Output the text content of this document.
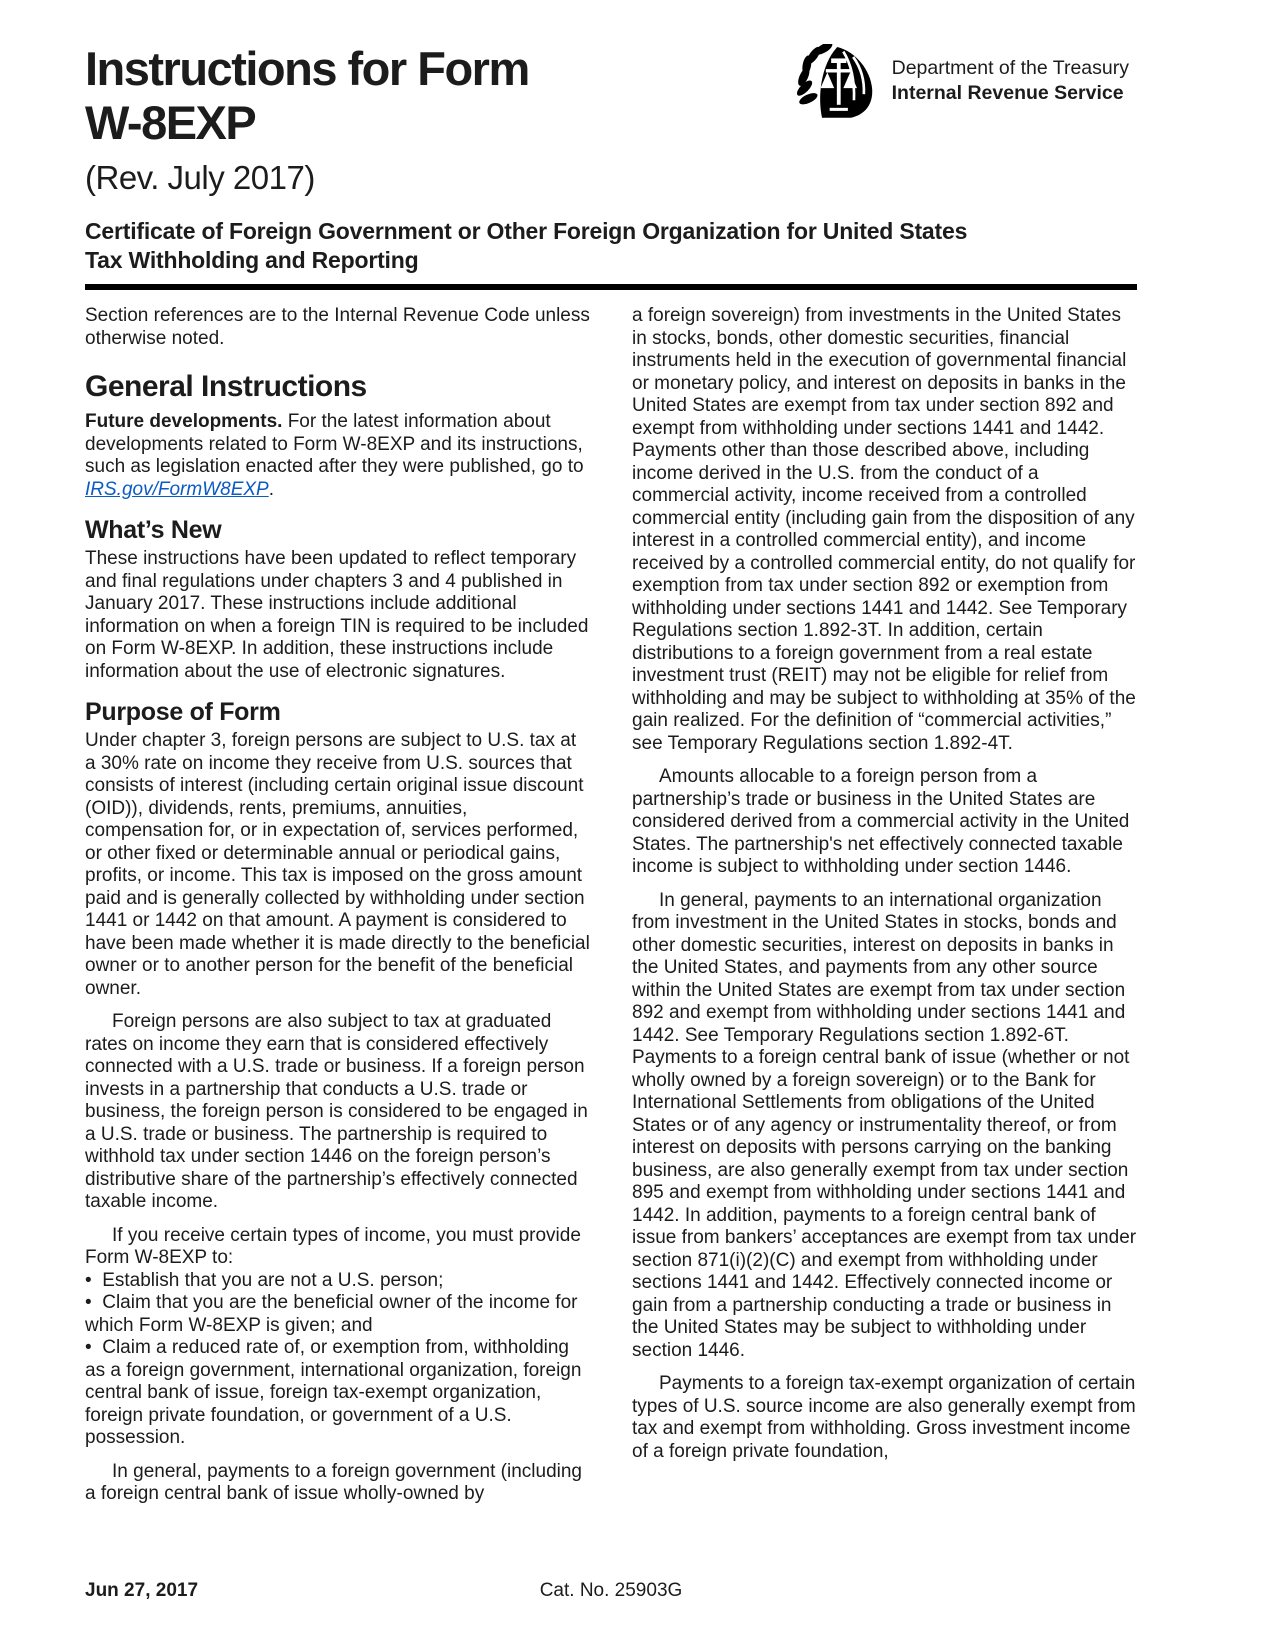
Instructions for Form
W-8EXP
(Rev. July 2017)
Department of the Treasury
Internal Revenue Service
Certificate of Foreign Government or Other Foreign Organization for United States
Tax Withholding and Reporting

Section references are to the Internal Revenue Code unless otherwise noted.

General Instructions

Future developments. For the latest information about developments related to Form W-8EXP and its instructions, such as legislation enacted after they were published, go to IRS.gov/FormW8EXP.

What’s New

These instructions have been updated to reflect temporary and final regulations under chapters 3 and 4 published in January 2017. These instructions include additional information on when a foreign TIN is required to be included on Form W-8EXP. In addition, these instructions include information about the use of electronic signatures.

Purpose of Form

Under chapter 3, foreign persons are subject to U.S. tax at a 30% rate on income they receive from U.S. sources that consists of interest (including certain original issue discount (OID)), dividends, rents, premiums, annuities, compensation for, or in expectation of, services performed, or other fixed or determinable annual or periodical gains, profits, or income. This tax is imposed on the gross amount paid and is generally collected by withholding under section 1441 or 1442 on that amount. A payment is considered to have been made whether it is made directly to the beneficial owner or to another person for the benefit of the beneficial owner.

Foreign persons are also subject to tax at graduated rates on income they earn that is considered effectively connected with a U.S. trade or business. If a foreign person invests in a partnership that conducts a U.S. trade or business, the foreign person is considered to be engaged in a U.S. trade or business. The partnership is required to withhold tax under section 1446 on the foreign person’s distributive share of the partnership’s effectively connected taxable income.

If you receive certain types of income, you must provide Form W-8EXP to:

•  Establish that you are not a U.S. person;

•  Claim that you are the beneficial owner of the income for which Form W-8EXP is given; and

•  Claim a reduced rate of, or exemption from, withholding as a foreign government, international organization, foreign central bank of issue, foreign tax-exempt organization, foreign private foundation, or government of a U.S. possession.

In general, payments to a foreign government (including a foreign central bank of issue wholly-owned by

a foreign sovereign) from investments in the United States in stocks, bonds, other domestic securities, financial instruments held in the execution of governmental financial or monetary policy, and interest on deposits in banks in the United States are exempt from tax under section 892 and exempt from withholding under sections 1441 and 1442. Payments other than those described above, including income derived in the U.S. from the conduct of a commercial activity, income received from a controlled commercial entity (including gain from the disposition of any interest in a controlled commercial entity), and income received by a controlled commercial entity, do not qualify for exemption from tax under section 892 or exemption from withholding under sections 1441 and 1442. See Temporary Regulations section 1.892-3T. In addition, certain distributions to a foreign government from a real estate investment trust (REIT) may not be eligible for relief from withholding and may be subject to withholding at 35% of the gain realized. For the definition of “commercial activities,” see Temporary Regulations section 1.892-4T.

Amounts allocable to a foreign person from a partnership’s trade or business in the United States are considered derived from a commercial activity in the United States. The partnership's net effectively connected taxable income is subject to withholding under section 1446.

In general, payments to an international organization from investment in the United States in stocks, bonds and other domestic securities, interest on deposits in banks in the United States, and payments from any other source within the United States are exempt from tax under section 892 and exempt from withholding under sections 1441 and 1442. See Temporary Regulations section 1.892-6T. Payments to a foreign central bank of issue (whether or not wholly owned by a foreign sovereign) or to the Bank for International Settlements from obligations of the United States or of any agency or instrumentality thereof, or from interest on deposits with persons carrying on the banking business, are also generally exempt from tax under section 895 and exempt from withholding under sections 1441 and 1442. In addition, payments to a foreign central bank of issue from bankers’ acceptances are exempt from tax under section 871(i)(2)(C) and exempt from withholding under sections 1441 and 1442. Effectively connected income or gain from a partnership conducting a trade or business in the United States may be subject to withholding under section 1446.

Payments to a foreign tax-exempt organization of certain types of U.S. source income are also generally exempt from tax and exempt from withholding. Gross investment income of a foreign private foundation,

Jun 27, 2017	Cat. No. 25903G
